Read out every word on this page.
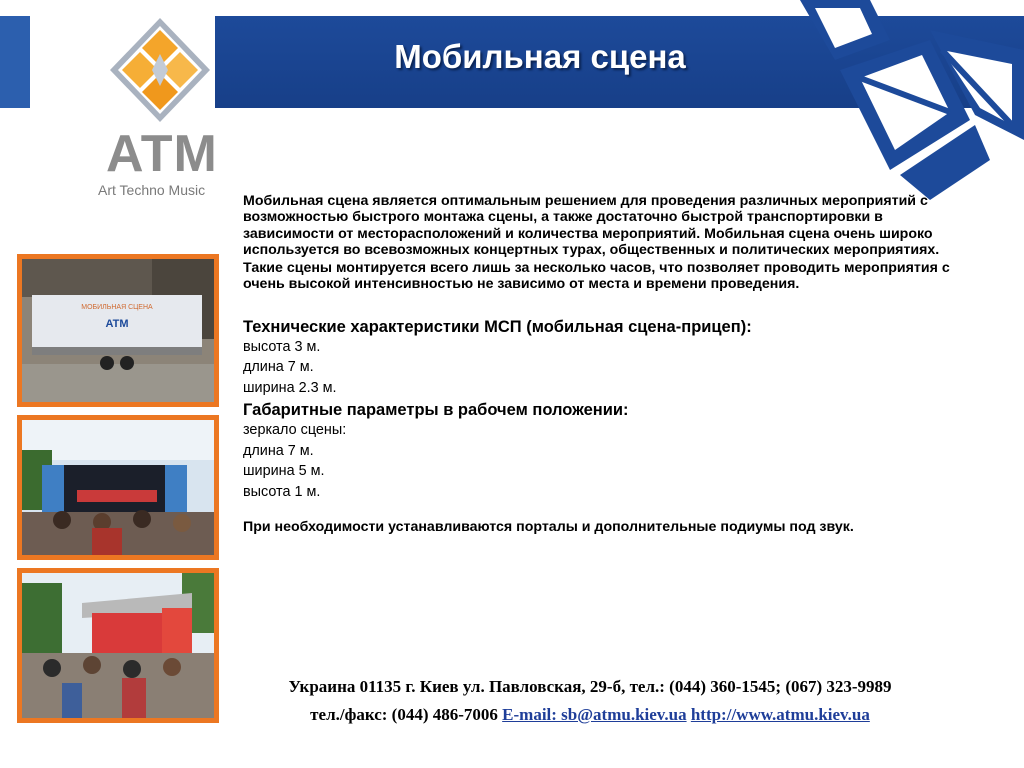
ATM
Art Techno Music
Мобильная сцена
МОБИЛЬНАЯ СЦЕНА
ATM

Мобильная сцена является оптимальным решением для проведения различных мероприятий с возможностью быстрого монтажа сцены, а также достаточно быстрой транспортировки в зависимости от месторасположений и количества мероприятий. Мобильная сцена очень широко используется во всевозможных концертных турах, общественных и политических мероприятиях.

Такие сцены монтируется всего лишь за несколько часов, что позволяет проводить мероприятия с очень высокой интенсивностью не зависимо от места и времени проведения.

Технические характеристики МСП (мобильная сцена-прицеп):

высота 3 м.

длина 7 м.

ширина 2.3 м.

Габаритные параметры в рабочем положении:

зеркало сцены:

длина 7 м.

ширина 5 м.

высота 1 м.

При необходимости устанавливаются порталы и дополнительные подиумы под звук.

Украина 01135 г. Киев ул. Павловская, 29-б, тел.: (044) 360-1545; (067) 323-9989
тел./факс: (044) 486-7006 E-mail: sb@atmu.kiev.ua http://www.atmu.kiev.ua
